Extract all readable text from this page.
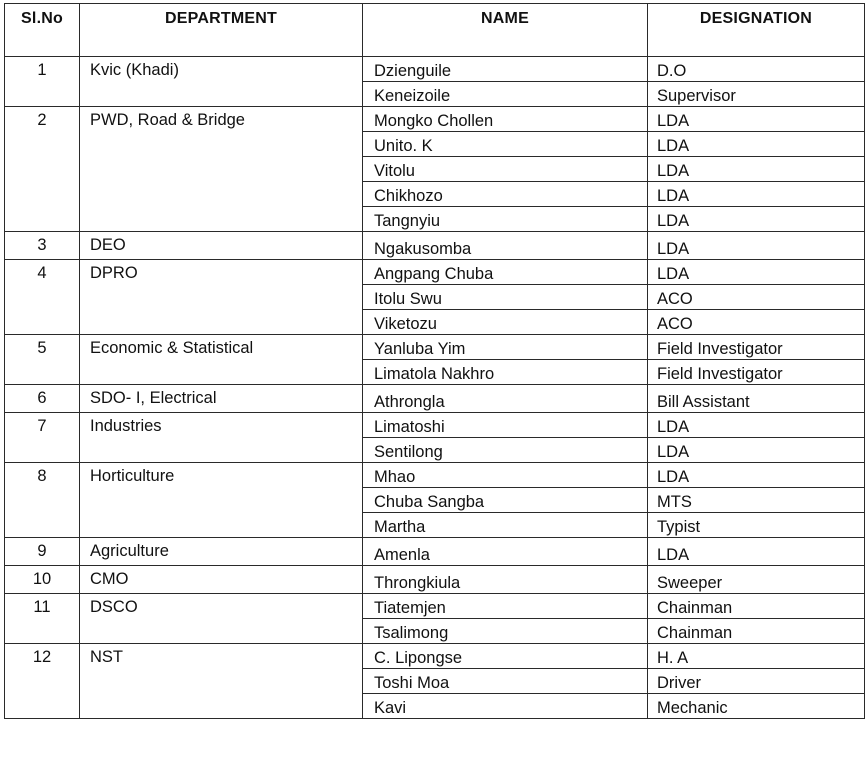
Sl.No	DEPARTMENT	NAME	DESIGNATION
1	Kvic (Khadi)	Dzienguile	D.O
		Keneizoile	Supervisor
2	PWD, Road & Bridge	Mongko Chollen	LDA
		Unito. K	LDA
		Vitolu	LDA
		Chikhozo	LDA
		Tangnyiu	LDA
3	DEO	Ngakusomba	LDA
4	DPRO	Angpang Chuba	LDA
		Itolu Swu	ACO
		Viketozu	ACO
5	Economic & Statistical	Yanluba Yim	Field Investigator
		Limatola Nakhro	Field Investigator
6	SDO- I, Electrical	Athrongla	Bill Assistant
7	Industries	Limatoshi	LDA
		Sentilong	LDA
8	Horticulture	Mhao	LDA
		Chuba Sangba	MTS
		Martha	Typist
9	Agriculture	Amenla	LDA
10	CMO	Throngkiula	Sweeper
11	DSCO	Tiatemjen	Chainman
		Tsalimong	Chainman
12	NST	C. Lipongse	H. A
		Toshi Moa	Driver
		Kavi	Mechanic
